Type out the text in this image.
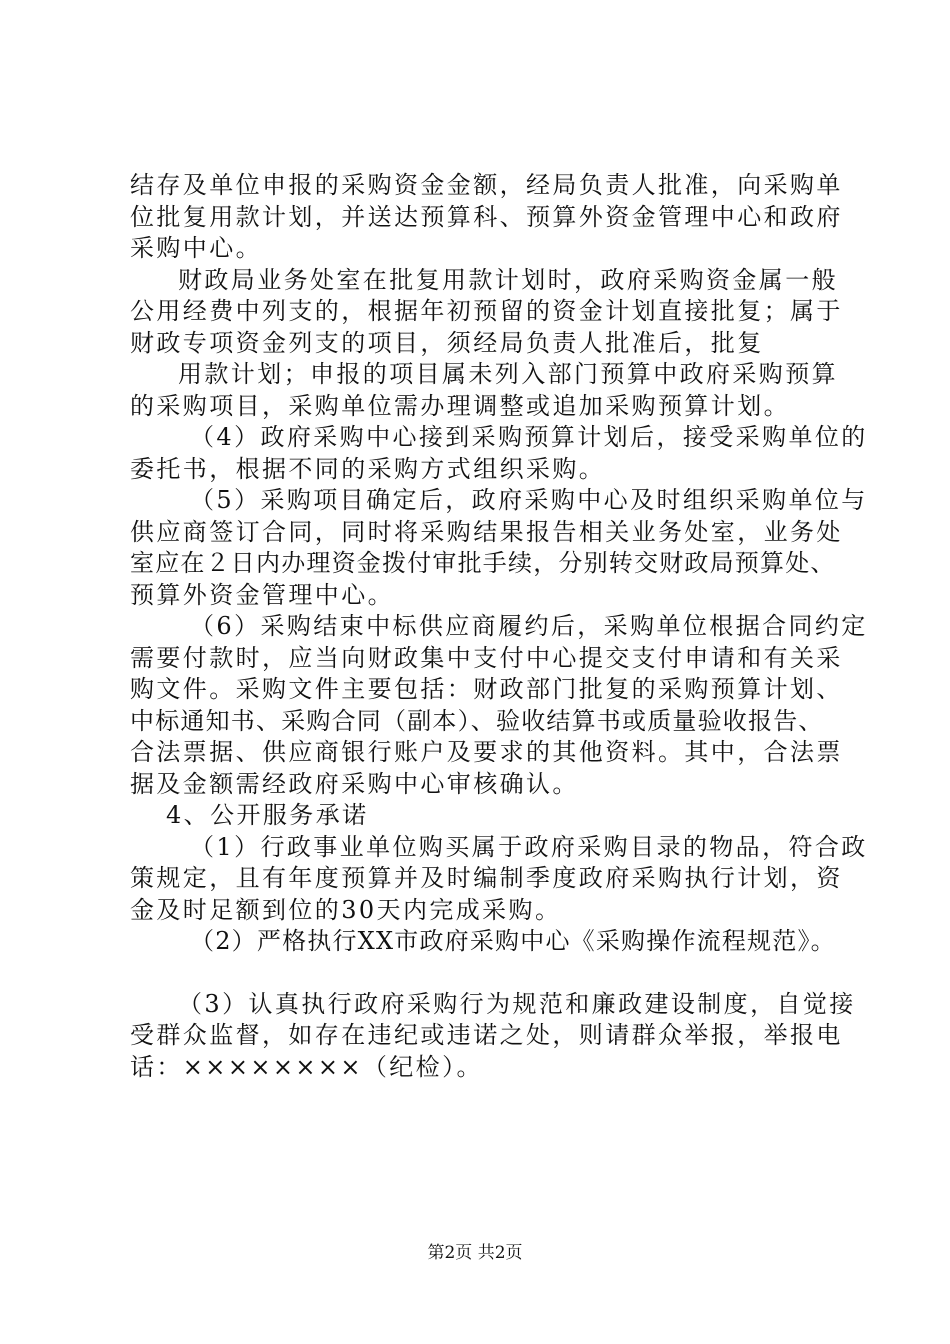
结存及单位申报的采购资金金额，经局负责人批准，向采购单
位批复用款计划，并送达预算科、预算外资金管理中心和政府
采购中心。
财政局业务处室在批复用款计划时，政府采购资金属一般
公用经费中列支的，根据年初预留的资金计划直接批复；属于
财政专项资金列支的项目，须经局负责人批准后，批复
用款计划；申报的项目属未列入部门预算中政府采购预算
的采购项目，采购单位需办理调整或追加采购预算计划。
（4）政府采购中心接到采购预算计划后，接受采购单位的
委托书，根据不同的采购方式组织采购。
（5）采购项目确定后，政府采购中心及时组织采购单位与
供应商签订合同，同时将采购结果报告相关业务处室，业务处
室应在２日内办理资金拨付审批手续，分别转交财政局预算处、
预算外资金管理中心。
（6）采购结束中标供应商履约后，采购单位根据合同约定
需要付款时，应当向财政集中支付中心提交支付申请和有关采
购文件。采购文件主要包括：财政部门批复的采购预算计划、
中标通知书、采购合同（副本）、验收结算书或质量验收报告、
合法票据、供应商银行账户及要求的其他资料。其中，合法票
据及金额需经政府采购中心审核确认。
4、公开服务承诺
（1）行政事业单位购买属于政府采购目录的物品，符合政
策规定，且有年度预算并及时编制季度政府采购执行计划，资
金及时足额到位的30天内完成采购。
（2）严格执行XX市政府采购中心《采购操作流程规范》。
（3）认真执行政府采购行为规范和廉政建设制度，自觉接
受群众监督，如存在违纪或违诺之处，则请群众举报，举报电
话：××××××××（纪检）。
第2页 共2页
